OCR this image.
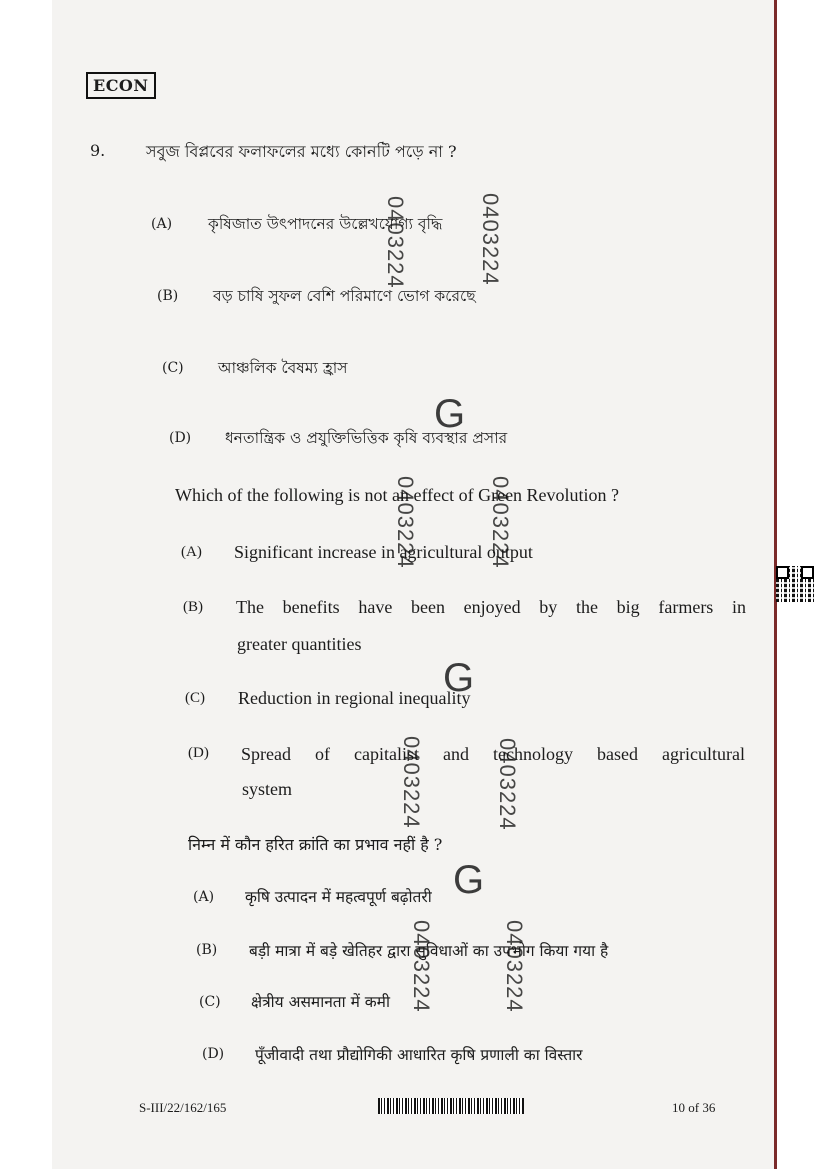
ECON
9.	সবুজ বিপ্লবের ফলাফলের মধ্যে কোনটি পড়ে না ?
(A) কৃষিজাত উৎপাদনের উল্লেখযোগ্য বৃদ্ধি
(B) বড় চাষি সুফল বেশি পরিমাণে ভোগ করেছে
(C) আঞ্চলিক বৈষম্য হ্রাস
(D) ধনতান্ত্রিক ও প্রযুক্তিভিত্তিক কৃষি ব্যবস্থার প্রসার
Which of the following is not an effect of Green Revolution ?
(A) Significant increase in agricultural output
(B) The benefits have been enjoyed by the big farmers in
greater quantities
(C) Reduction in regional inequality
(D) Spread of capitalist and technology based agricultural
system
निम्न में कौन हरित क्रांति का प्रभाव नहीं है ?
(A) कृषि उत्पादन में महत्वपूर्ण बढ़ोतरी
(B) बड़ी मात्रा में बड़े खेतिहर द्वारा सुविधाओं का उपभोग किया गया है
(C) क्षेत्रीय असमानता में कमी
(D) पूँजीवादी तथा प्रौद्योगिकी आधारित कृषि प्रणाली का विस्तार
0403224	0403224
G
0403224	0403224
G
0403224	0403224
G
0403224	0403224
S-III/22/162/165	10 of 36
